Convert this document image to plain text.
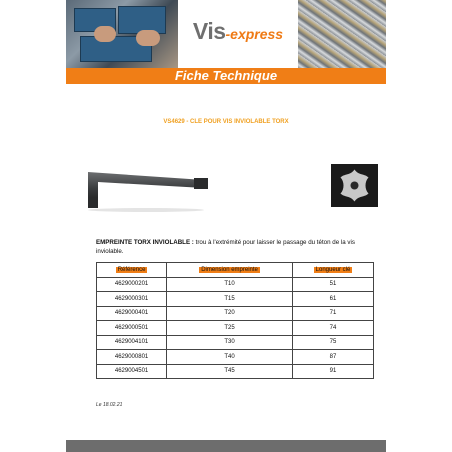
Vis-express
Fiche Technique
VS4629 - CLE POUR VIS INVIOLABLE TORX
EMPREINTE TORX INVIOLABLE : trou à l'extrémité pour laisser le passage du téton de la vis inviolable.
Référence	Dimension empreinte	Longueur clé
4629000201	T10	51
4629000301	T15	61
4629000401	T20	71
4629000501	T25	74
4629004101	T30	75
4629000801	T40	87
4629004501	T45	91
Le 18.02.21
